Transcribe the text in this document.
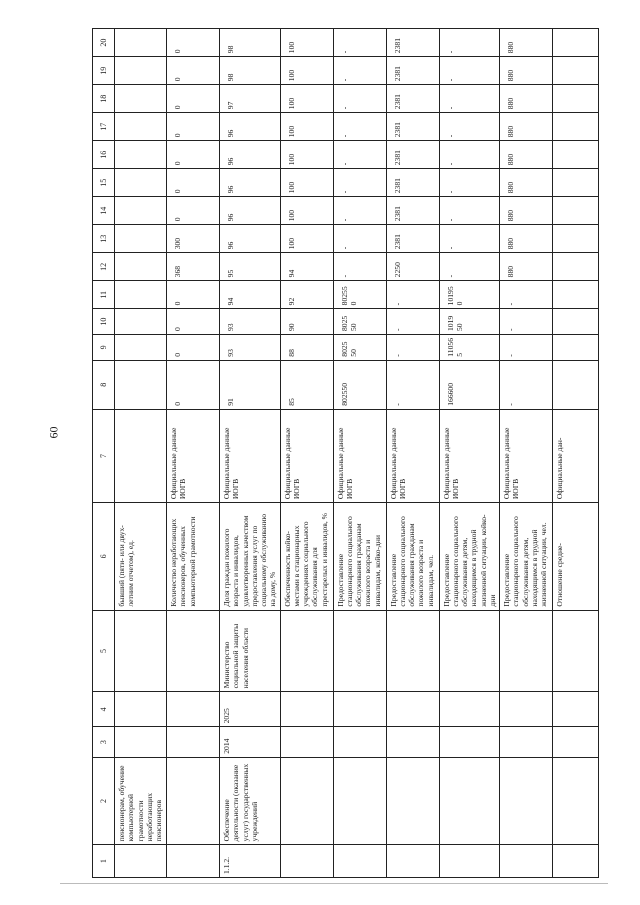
60
1	2	3	4	5	6	7	8	9	10	11	12	13	14	15	16	17	18	19	20
	пенсионерам, обучение компьютерной грамотности неработающих пенсионеров				бывший (пяти- или двух-летним отчетом), ед.														
					Количество неработающих пенсионеров, обученных компьютерной грамотности	Официальные данные ИОГВ	0	0	0	0	368	300	0	0	0	0	0	0	0
1.1.2.	Обеспечение деятельности (оказание услуг) государственных учреждений	2014	2025	Министерство социальной защиты населения области	Доля граждан пожилого возраста и инвалидов, удовлетворенных качеством предоставления услуг по социальному обслуживанию на дому, %	Официальные данные ИОГВ	91	93	93	94	95	96	96	96	96	96	97	98	98
					Обеспеченность койко-местами в стационарных учреждениях социального обслуживания для престарелых и инвалидов, %	Официальные данные ИОГВ	85	88	90	92	94	100	100	100	100	100	100	100	100
					Предоставление стационарного социального обслуживания гражданам пожилого возраста и инвалидам, койко-дни	Официальные данные ИОГВ	802550	802550	802550	802550	-	-	-	-	-	-	-	-	-
					Предоставление стационарного социального обслуживания гражданам пожилого возраста и инвалидам, чел.	Официальные данные ИОГВ	-	-	-	-	2250	2381	2381	2381	2381	2381	2381	2381	2381
					Предоставление стационарного социального обслуживания детям, находящимся в трудной жизненной ситуации, койко-дни	Официальные данные ИОГВ	166600	110565	101950	101950	-	-	-	-	-	-	-	-	-
					Предоставление стационарного социального обслуживания детям, находящимся в трудной жизненной ситуации, чел.	Официальные данные ИОГВ	-	-	-	-	880	880	880	880	880	880	880	880	880
					Отношение средне-	Официальные дан-													
